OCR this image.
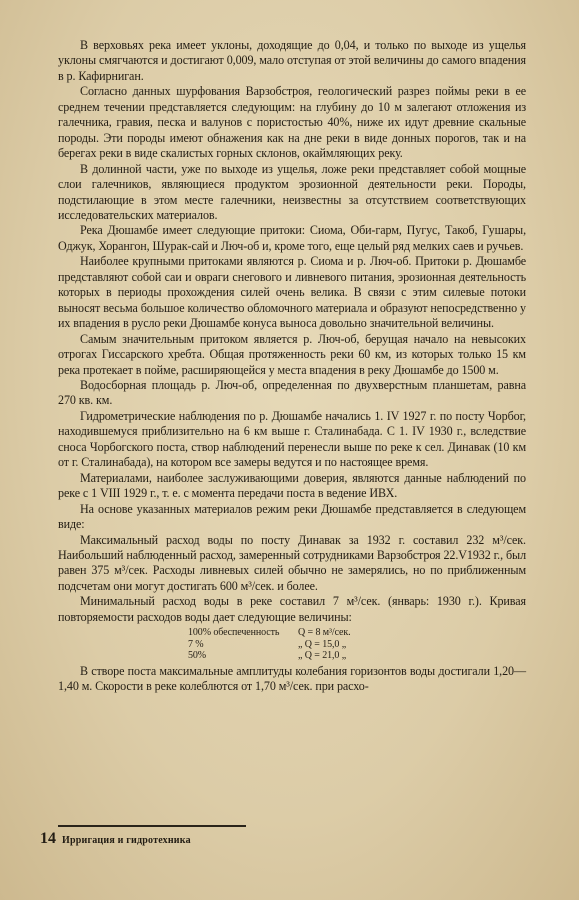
В верховьях река имеет уклоны, доходящие до 0,04, и только по выходе из ущелья уклоны смягчаются и достигают 0,009, мало отступая от этой величины до самого впадения в р. Кафирниган.

Согласно данных шурфования Варзобстроя, геологический разрез поймы реки в ее среднем течении представляется следующим: на глубину до 10 м залегают отложения из галечника, гравия, песка и валунов с пористостью 40%, ниже их идут древние скальные породы. Эти породы имеют обнажения как на дне реки в виде донных порогов, так и на берегах реки в виде скалистых горных склонов, окаймляющих реку.

В долинной части, уже по выходе из ущелья, ложе реки представляет собой мощные слои галечников, являющиеся продуктом эрозионной деятельности реки. Породы, подстилающие в этом месте галечники, неизвестны за отсутствием соответствующих исследовательских материалов.

Река Дюшамбе имеет следующие притоки: Сиома, Оби-гарм, Пугус, Такоб, Гушары, Оджук, Хорангон, Шурак-сай и Люч-об и, кроме того, еще целый ряд мелких саев и ручьев.

Наиболее крупными притоками являются р. Сиома и р. Люч-об. Притоки р. Дюшамбе представляют собой саи и овраги снегового и ливневого питания, эрозионная деятельность которых в периоды прохождения силей очень велика. В связи с этим силевые потоки выносят весьма большое количество обломочного материала и образуют непосредственно у их впадения в русло реки Дюшамбе конуса выноса довольно значительной величины.

Самым значительным притоком является р. Люч-об, берущая начало на невысоких отрогах Гиссарского хребта. Общая протяженность реки 60 км, из которых только 15 км река протекает в пойме, расширяющейся у места впадения в реку Дюшамбе до 1500 м.

Водосборная площадь р. Люч-об, определенная по двухверстным планшетам, равна 270 кв. км.

Гидрометрические наблюдения по р. Дюшамбе начались 1. IV 1927 г. по посту Чорбог, находившемуся приблизительно на 6 км выше г. Сталинабада. С 1. IV 1930 г., вследствие сноса Чорбогского поста, створ наблюдений перенесли выше по реке к сел. Динавак (10 км от г. Сталинабада), на котором все замеры ведутся и по настоящее время.

Материалами, наиболее заслуживающими доверия, являются данные наблюдений по реке с 1 VIII 1929 г., т. е. с момента передачи поста в ведение ИВХ.

На основе указанных материалов режим реки Дюшамбе представляется в следующем виде:

Максимальный расход воды по посту Динавак за 1932 г. составил 232 м³/сек. Наибольший наблюденный расход, замеренный сотрудниками Варзобстроя 22.V1932 г., был равен 375 м³/сек. Расходы ливневых силей обычно не замерялись, но по приближенным подсчетам они могут достигать 600 м³/сек. и более.

Минимальный расход воды в реке составил 7 м³/сек. (январь: 1930 г.). Кривая повторяемости расходов воды дает следующие величины:

100% обеспеченность	Q = 8 м³/сек.
7 %	„ Q = 15,0 „
50%	„ Q = 21,0 „

В створе поста максимальные амплитуды колебания горизонтов воды достигали 1,20—1,40 м. Скорости в реке колеблются от 1,70 м³/сек. при расхо-

14 Ирригация и гидротехника
